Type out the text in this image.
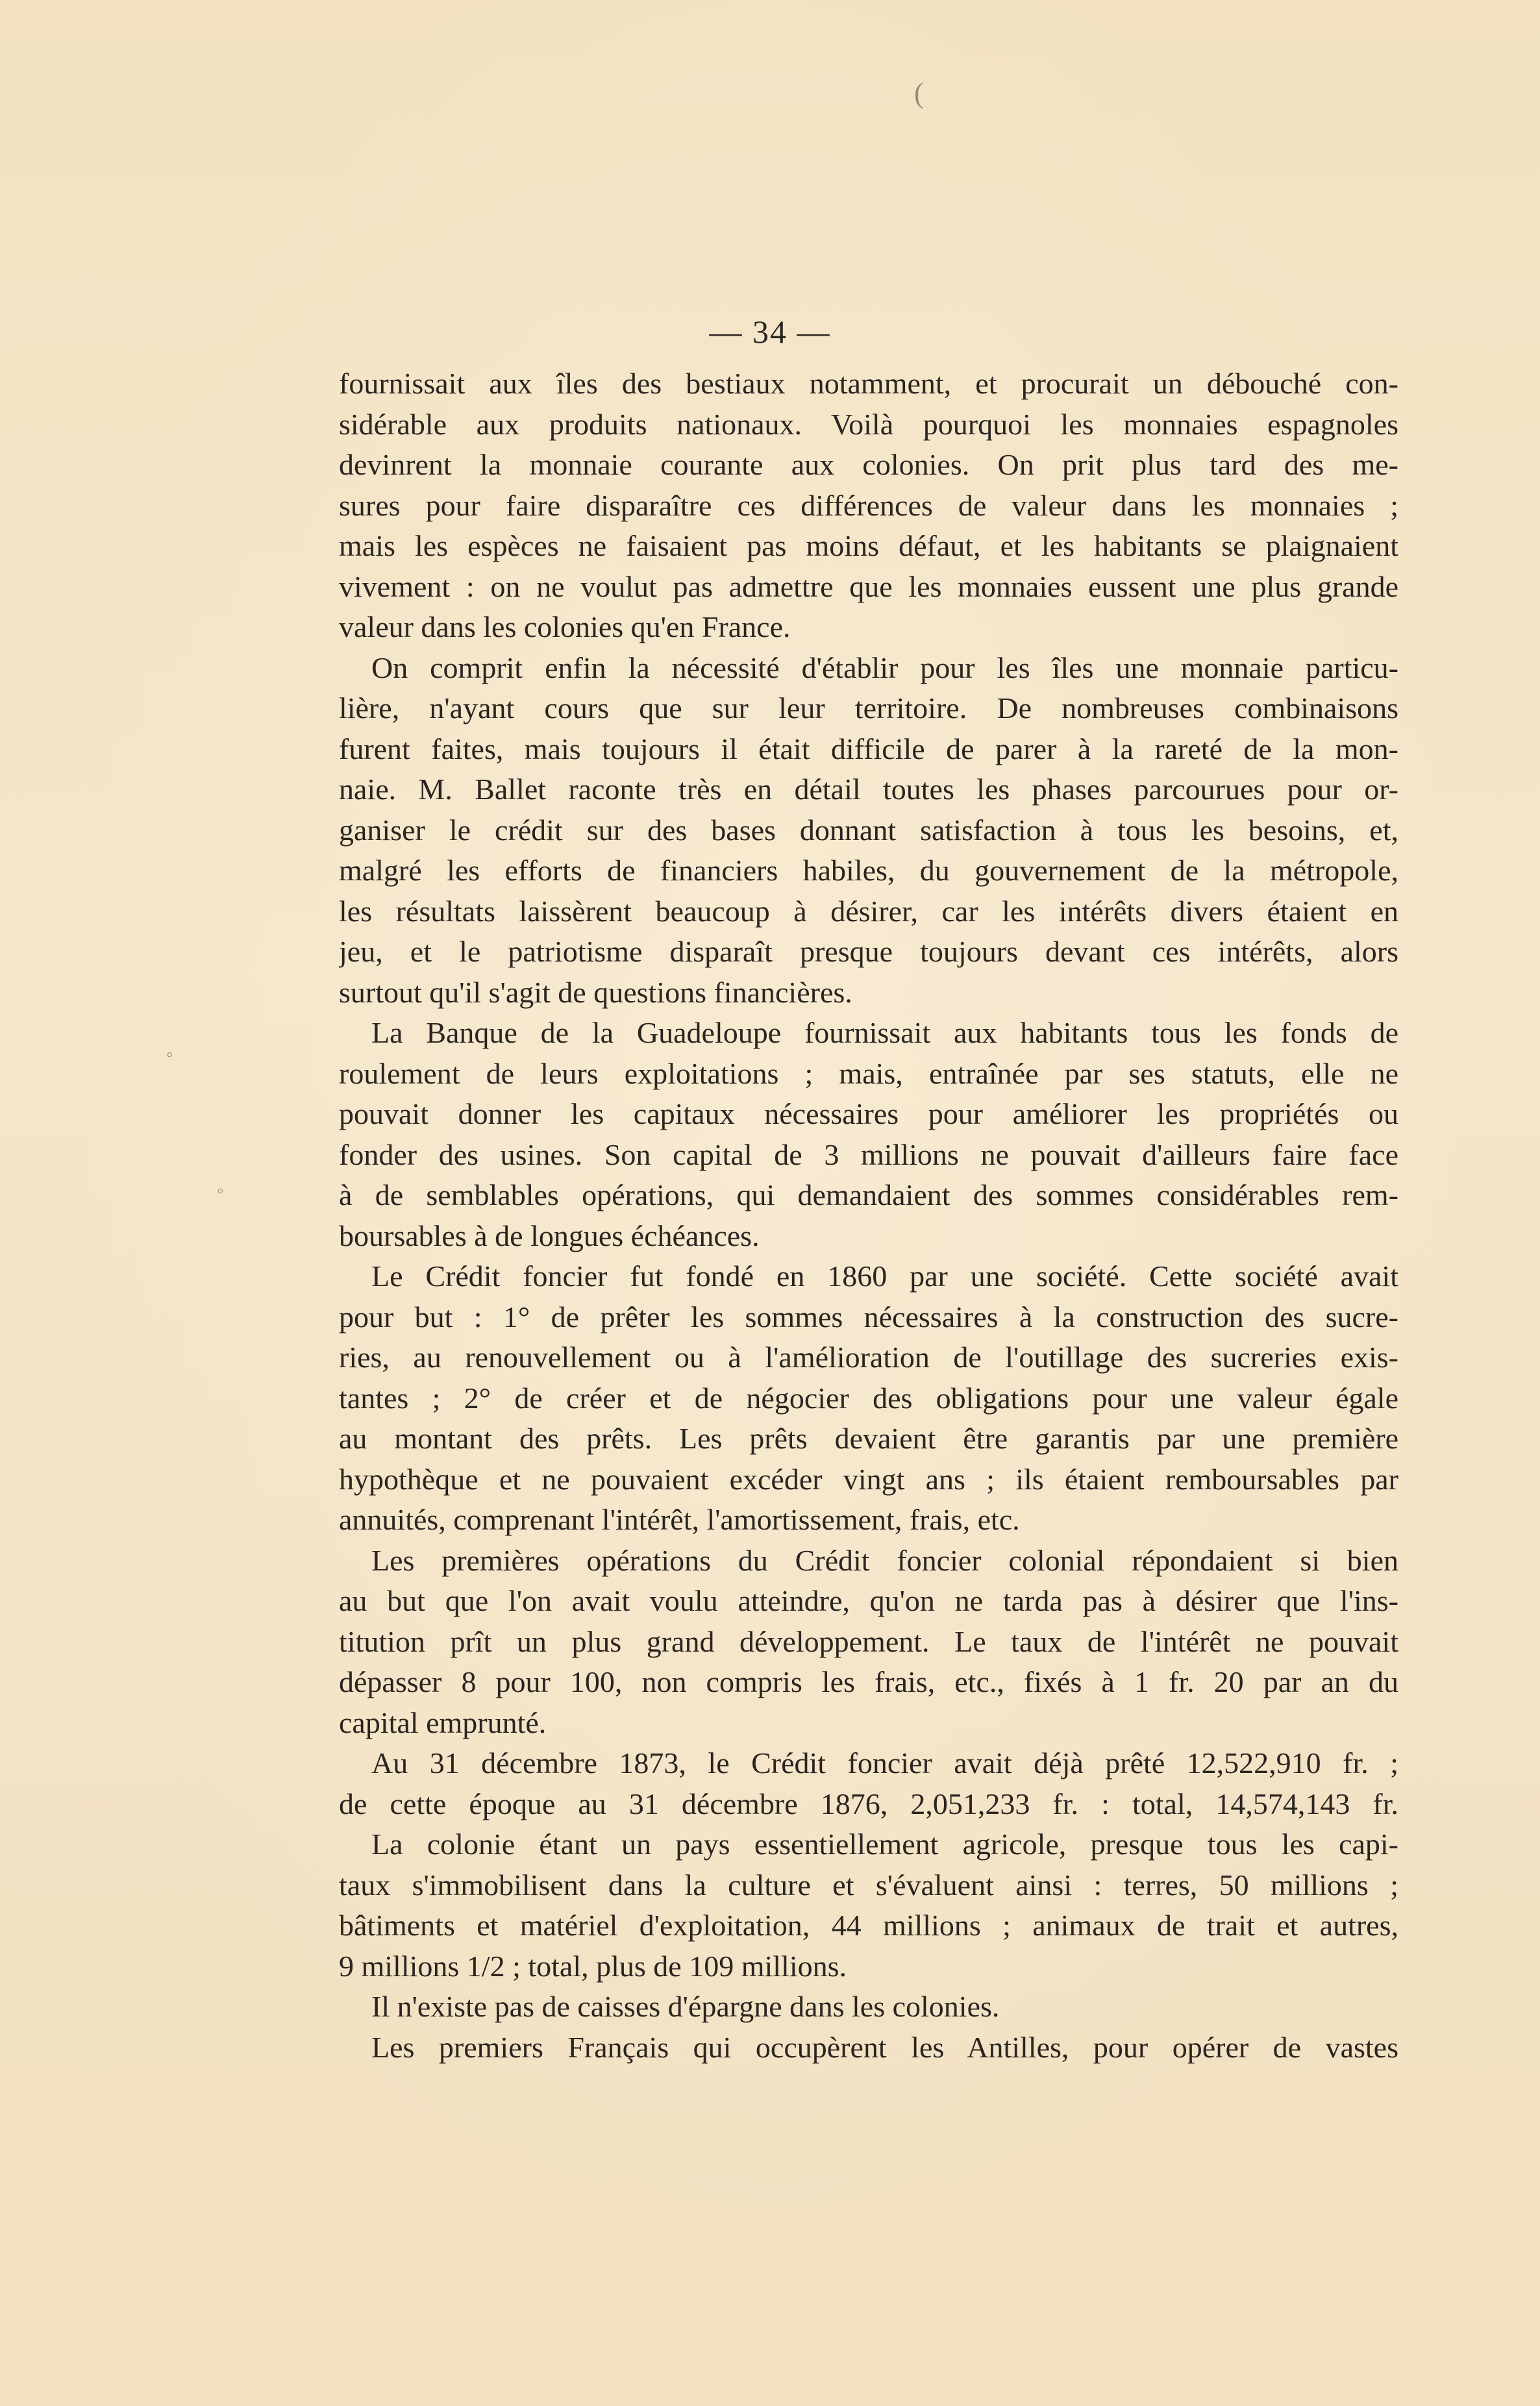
(
◦
◦
— 34 —
fournissait aux îles des bestiaux notamment, et procurait un débouché con-
sidérable aux produits nationaux. Voilà pourquoi les monnaies espagnoles
devinrent la monnaie courante aux colonies. On prit plus tard des me-
sures pour faire disparaître ces différences de valeur dans les monnaies ;
mais les espèces ne faisaient pas moins défaut, et les habitants se plaignaient
vivement : on ne voulut pas admettre que les monnaies eussent une plus grande
valeur dans les colonies qu'en France.
On comprit enfin la nécessité d'établir pour les îles une monnaie particu-
lière, n'ayant cours que sur leur territoire. De nombreuses combinaisons
furent faites, mais toujours il était difficile de parer à la rareté de la mon-
naie. M. Ballet raconte très en détail toutes les phases parcourues pour or-
ganiser le crédit sur des bases donnant satisfaction à tous les besoins, et,
malgré les efforts de financiers habiles, du gouvernement de la métropole,
les résultats laissèrent beaucoup à désirer, car les intérêts divers étaient en
jeu, et le patriotisme disparaît presque toujours devant ces intérêts, alors
surtout qu'il s'agit de questions financières.
La Banque de la Guadeloupe fournissait aux habitants tous les fonds de
roulement de leurs exploitations ; mais, entraînée par ses statuts, elle ne
pouvait donner les capitaux nécessaires pour améliorer les propriétés ou
fonder des usines. Son capital de 3 millions ne pouvait d'ailleurs faire face
à de semblables opérations, qui demandaient des sommes considérables rem-
boursables à de longues échéances.
Le Crédit foncier fut fondé en 1860 par une société. Cette société avait
pour but : 1° de prêter les sommes nécessaires à la construction des sucre-
ries, au renouvellement ou à l'amélioration de l'outillage des sucreries exis-
tantes ; 2° de créer et de négocier des obligations pour une valeur égale
au montant des prêts. Les prêts devaient être garantis par une première
hypothèque et ne pouvaient excéder vingt ans ; ils étaient remboursables par
annuités, comprenant l'intérêt, l'amortissement, frais, etc.
Les premières opérations du Crédit foncier colonial répondaient si bien
au but que l'on avait voulu atteindre, qu'on ne tarda pas à désirer que l'ins-
titution prît un plus grand développement. Le taux de l'intérêt ne pouvait
dépasser 8 pour 100, non compris les frais, etc., fixés à 1 fr. 20 par an du
capital emprunté.
Au 31 décembre 1873, le Crédit foncier avait déjà prêté 12,522,910 fr. ;
de cette époque au 31 décembre 1876, 2,051,233 fr. : total, 14,574,143 fr.
La colonie étant un pays essentiellement agricole, presque tous les capi-
taux s'immobilisent dans la culture et s'évaluent ainsi : terres, 50 millions ;
bâtiments et matériel d'exploitation, 44 millions ; animaux de trait et autres,
9 millions 1/2 ; total, plus de 109 millions.
Il n'existe pas de caisses d'épargne dans les colonies.
Les premiers Français qui occupèrent les Antilles, pour opérer de vastes
